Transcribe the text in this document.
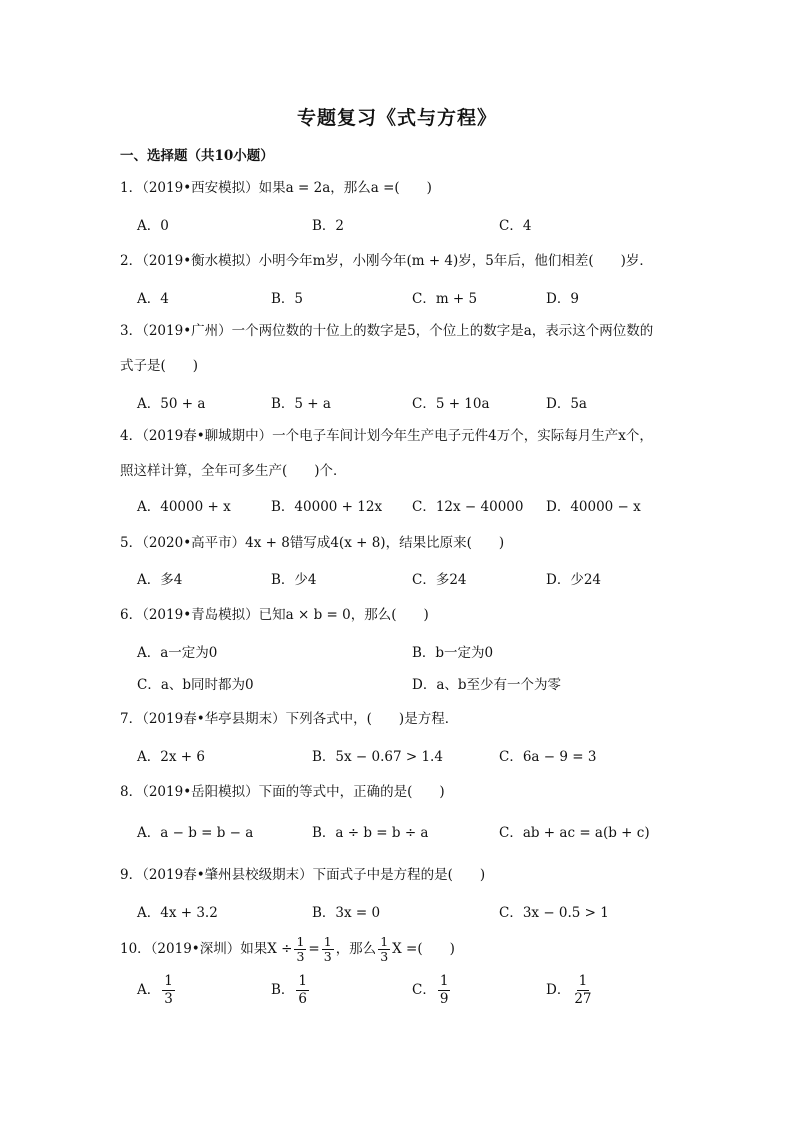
专题复习《式与方程》
一、选择题（共10小题）
1．（2019•西安模拟）如果a = 2a，那么a =(　　)
A．0	B．2	C．4
2．（2019•衡水模拟）小明今年m岁，小刚今年(m + 4)岁，5年后，他们相差(　　)岁．
A．4	B．5	C．m + 5	D．9
3．（2019•广州）一个两位数的十位上的数字是5，个位上的数字是a，表示这个两位数的
式子是(　　)
A．50 + a	B．5 + a	C．5 + 10a	D．5a
4．（2019春•聊城期中）一个电子车间计划今年生产电子元件4万个，实际每月生产x个，
照这样计算，全年可多生产(　　)个．
A．40000 + x	B．40000 + 12x C．12x − 40000 D．40000 − x
5．（2020•高平市）4x + 8错写成4(x + 8)，结果比原来(　　)
A．多4	B．少4	C．多24	D．少24
6．（2019•青岛模拟）已知a × b = 0，那么(　　)
A．a一定为0	B．b一定为0
C．a、b同时都为0	D．a、b至少有一个为零
7．（2019春•华亭县期末）下列各式中，(　　)是方程．
A．2x + 6	B．5x − 0.67 > 1.4	C．6a − 9 = 3
8．（2019•岳阳模拟）下面的等式中，正确的是(　　)
A．a − b = b − a	B．a ÷ b = b ÷ a	C．ab + ac = a(b + c)
9．（2019春•肇州县校级期末）下面式子中是方程的是(　　)
A．4x + 3.2	B．3x = 0	C．3x − 0.5 > 1
10．（2019•深圳）如果$X \div \frac{1}{3} = \frac{1}{3}$ ，那么 $\frac{1}{3}$ X =(　　)
A． $\frac{1}{3}$	B． $\frac{1}{6}$	C． $\frac{1}{9}$	D． $\frac{1}{27}$
